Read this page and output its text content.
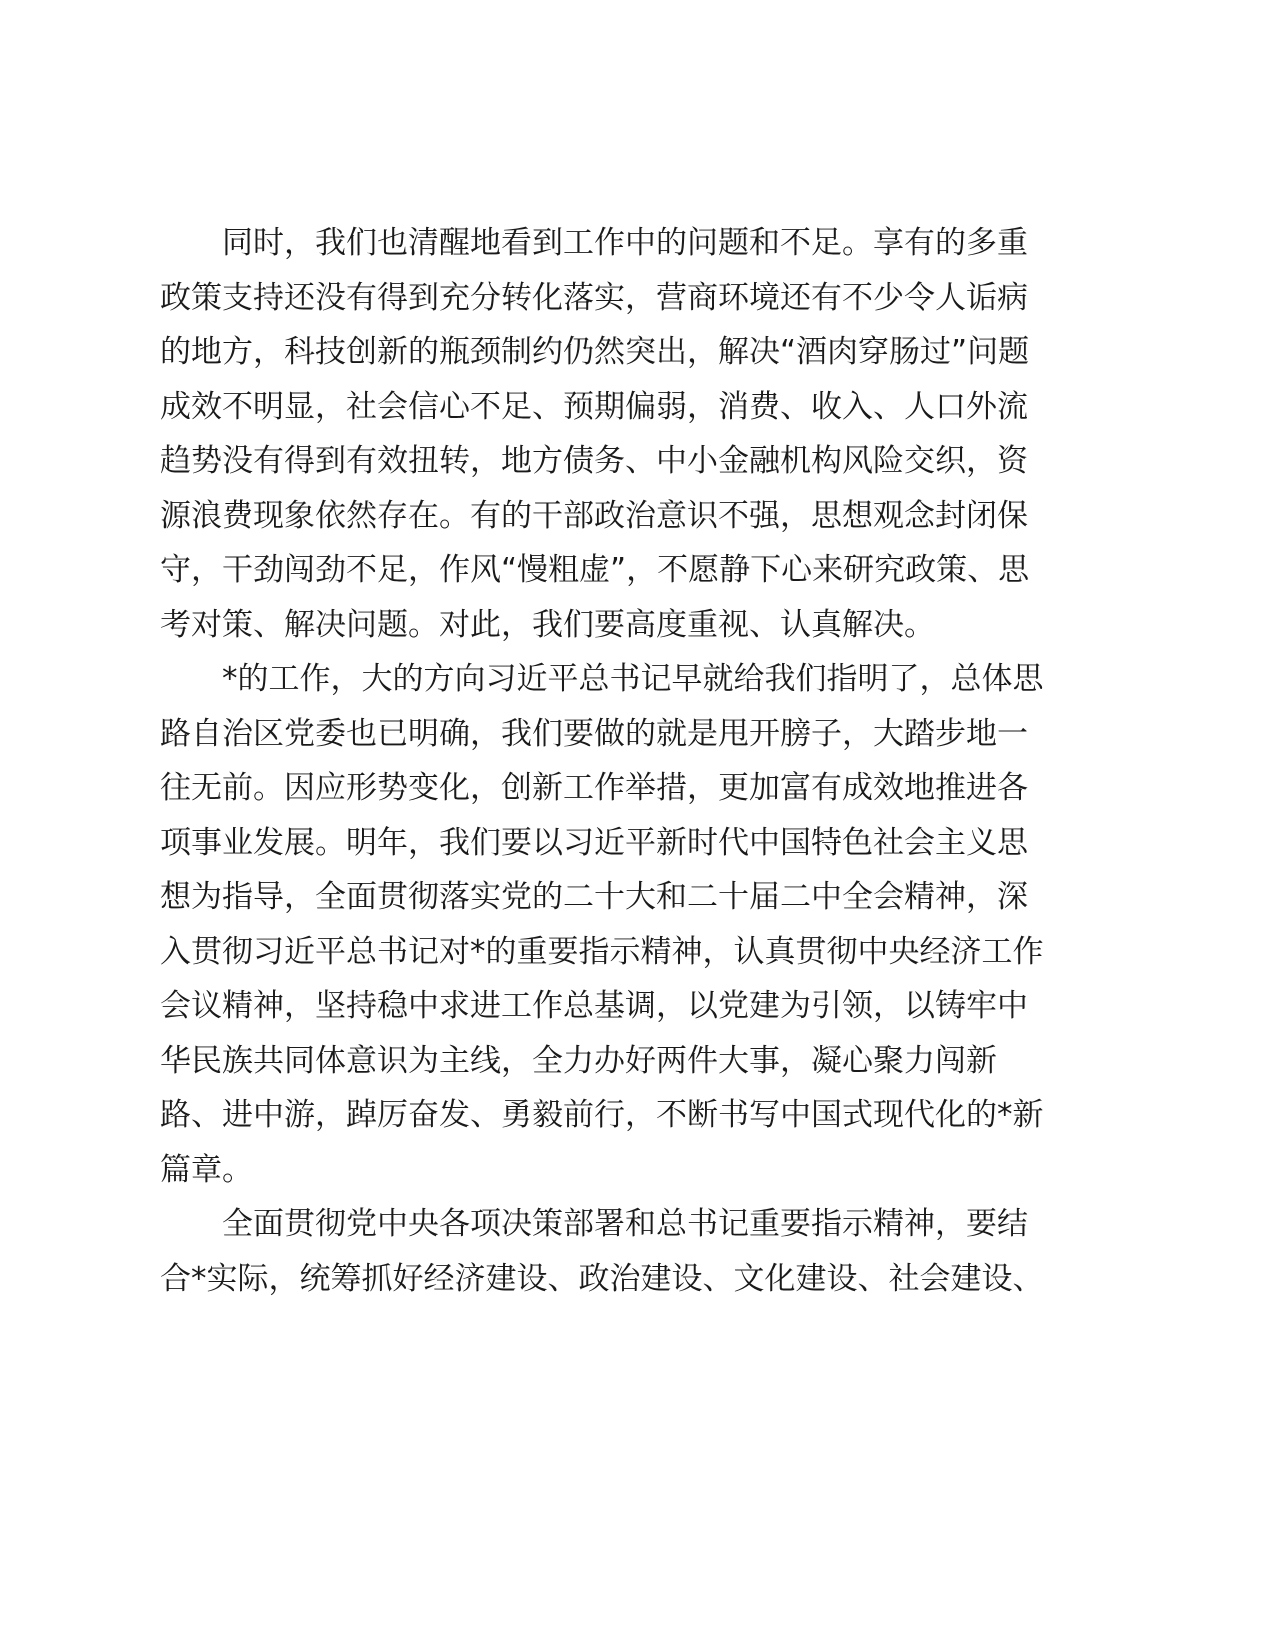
同时，我们也清醒地看到工作中的问题和不足。享有的多重
政策支持还没有得到充分转化落实，营商环境还有不少令人诟病
的地方，科技创新的瓶颈制约仍然突出，解决“酒肉穿肠过”问题
成效不明显，社会信心不足、预期偏弱，消费、收入、人口外流
趋势没有得到有效扭转，地方债务、中小金融机构风险交织，资
源浪费现象依然存在。有的干部政治意识不强，思想观念封闭保
守，干劲闯劲不足，作风“慢粗虚”，不愿静下心来研究政策、思
考对策、解决问题。对此，我们要高度重视、认真解决。
*的工作，大的方向习近平总书记早就给我们指明了，总体思
路自治区党委也已明确，我们要做的就是甩开膀子，大踏步地一
往无前。因应形势变化，创新工作举措，更加富有成效地推进各
项事业发展。明年，我们要以习近平新时代中国特色社会主义思
想为指导，全面贯彻落实党的二十大和二十届二中全会精神，深
入贯彻习近平总书记对*的重要指示精神，认真贯彻中央经济工作
会议精神，坚持稳中求进工作总基调，以党建为引领，以铸牢中
华民族共同体意识为主线，全力办好两件大事，凝心聚力闯新
路、进中游，踔厉奋发、勇毅前行，不断书写中国式现代化的*新
篇章。
全面贯彻党中央各项决策部署和总书记重要指示精神，要结
合*实际，统筹抓好经济建设、政治建设、文化建设、社会建设、
